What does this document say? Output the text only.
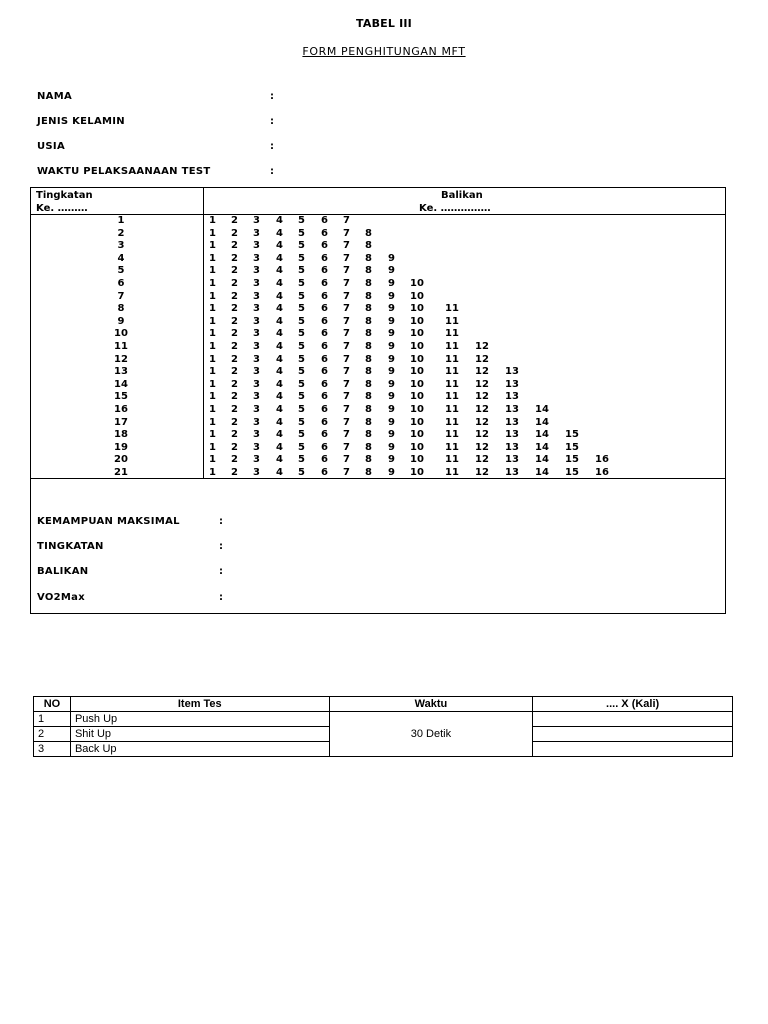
TABEL III
FORM PENGHITUNGAN MFT
NAMA	:
JENIS KELAMIN	:
USIA	:
WAKTU PELAKSAANAAN TEST	:
Tingkatan
Ke. ………
Balikan
Ke. ……………
1	1 2 3 4 5 6 7
2	1 2 3 4 5 6 7 8
3	1 2 3 4 5 6 7 8
4	1 2 3 4 5 6 7 8 9
5	1 2 3 4 5 6 7 8 9
6	1 2 3 4 5 6 7 8 9 10
7	1 2 3 4 5 6 7 8 9 10
8	1 2 3 4 5 6 7 8 9 10 11
9	1 2 3 4 5 6 7 8 9 10 11
10	1 2 3 4 5 6 7 8 9 10 11
11	1 2 3 4 5 6 7 8 9 10 11 12
12	1 2 3 4 5 6 7 8 9 10 11 12
13	1 2 3 4 5 6 7 8 9 10 11 12 13
14	1 2 3 4 5 6 7 8 9 10 11 12 13
15	1 2 3 4 5 6 7 8 9 10 11 12 13
16	1 2 3 4 5 6 7 8 9 10 11 12 13 14
17	1 2 3 4 5 6 7 8 9 10 11 12 13 14
18	1 2 3 4 5 6 7 8 9 10 11 12 13 14 15
19	1 2 3 4 5 6 7 8 9 10 11 12 13 14 15
20	1 2 3 4 5 6 7 8 9 10 11 12 13 14 15 16
21	1 2 3 4 5 6 7 8 9 10 11 12 13 14 15 16
KEMAMPUAN MAKSIMAL	:
TINGKATAN	:
BALIKAN	:
VO2Max	:
NO	Item Tes	Waktu	.... X (Kali)
1	Push Up	30 Detik	
2	Shit Up		
3	Back Up		
